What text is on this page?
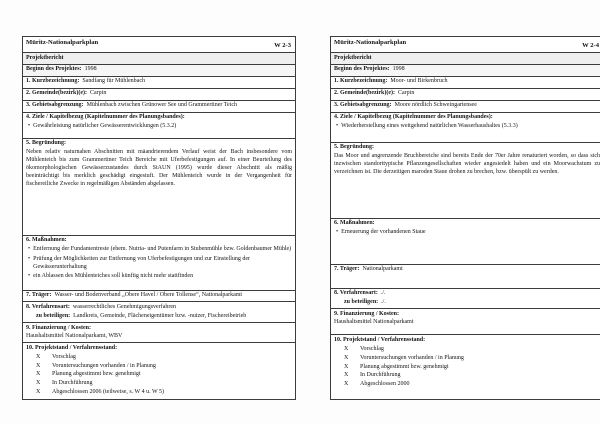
Müritz-Nationalparkplan
W 2-3
Projektbericht
Beginn des Projektes: 1998
1. Kurzbezeichnung: Sandfang für Mühlenbach
2. Gemeinde(bezirk)(e): Carpin
3. Gebietsabgrenzung: Mühlenbach zwischen Grünower See und Grammertiner Teich
4. Ziele / Kapitelbezug (Kapitelnummer des Planungsbandes):
• Gewährleistung natürlicher Gewässerentwicklungen (5.3.2)
5. Begründung:
Neben relativ naturnahen Abschnitten mit mäandrierendem Verlauf weist der Bach insbesondere vom Mühlenteich bis zum Grammertiner Teich Bereiche mit Uferbefestigungen auf. In einer Beurteilung des ökomorphologischen Gewässerzustandes durch StAUN (1995) wurde dieser Abschnitt als mäßig beeinträchtigt bis merklich geschädigt eingestuft. Der Mühlenteich wurde in der Vergangenheit für fischereiliche Zwecke in regelmäßigen Abständen abgelassen.
6. Maßnahmen:
• Entfernung der Fundamentreste (ehem. Nutria- und Putenfarm in Stubenmühle bzw. Goldenbaumer Mühle)
• Prüfung der Möglichkeiten zur Entfernung von Uferbefestigungen und zur Einstellung der Gewässerunterhaltung
• ein Ablassen des Mühlenteiches soll künftig nicht mehr stattfinden
7. Träger: Wasser- und Bodenverband „Obere Havel / Obere Tollense“, Nationalparkamt
8. Verfahrensart: wasserrechtliches Genehmigungsverfahren
zu beteiligen: Landkreis, Gemeinde, Flächeneigentümer bzw. -nutzer, Fischereibetrieb
9. Finanzierung / Kosten:
Haushaltsmittel Nationalparkamt, WBV
10. Projektstand / Verfahrensstand:
X	Vorschlag
X	Voruntersuchungen vorhanden / in Planung
X	Planung abgestimmt bzw. genehmigt
X	In Durchführung
X	Abgeschlossen 2006 (teilweise, s. W 4 u. W 5)
Müritz-Nationalparkplan
W 2-4
Projektbericht
Beginn des Projektes: 1998
1. Kurzbezeichnung: Moor- und Birkenbruch
2. Gemeinde(bezirk)(e): Carpin
3. Gebietsabgrenzung: Moore nördlich Schweingartensee
4. Ziele / Kapitelbezug (Kapitelnummer des Planungsbandes):
• Wiederherstellung eines weitgehend natürlichen Wasserhaushaltes (5.3.3)
5. Begründung:
Das Moor und angrenzende Bruchbereiche sind bereits Ende der 70er Jahre renaturiert worden, so dass sich inzwischen standorttypische Pflanzengesellschaften wieder angesiedelt haben und ein Moorwachstum zu verzeichnen ist. Die derzeitigen maroden Staue drohen zu brechen, bzw. überspült zu werden.
6. Maßnahmen:
• Erneuerung der vorhandenen Staue
7. Träger: Nationalparkamt
8. Verfahrensart: ./.
zu beteiligen: ./.
9. Finanzierung / Kosten:
Haushaltsmittel Nationalparkamt
10. Projektstand / Verfahrensstand:
X	Vorschlag
X	Voruntersuchungen vorhanden / in Planung
X	Planung abgestimmt bzw. genehmigt
X	In Durchführung
X	Abgeschlossen 2000
